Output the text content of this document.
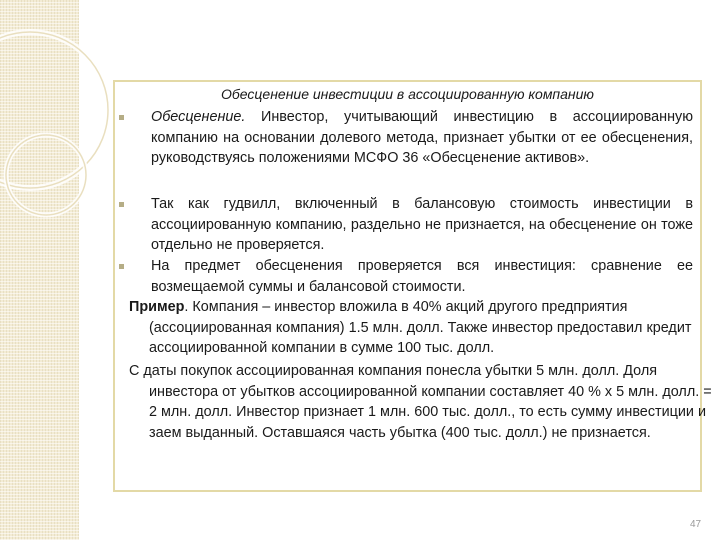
Обесценение инвестиции в ассоциированную компанию
Обесценение. Инвестор, учитывающий инвестицию в ассоциированную компанию на основании долевого метода, признает убытки от ее обесценения, руководствуясь положениями МСФО 36 «Обесценение активов».
Так как гудвилл, включенный в балансовую стоимость инвестиции в ассоциированную компанию, раздельно не признается, на обесценение он тоже отдельно не проверяется.
На предмет обесценения проверяется вся инвестиция: сравнение ее возмещаемой суммы и балансовой стоимости.
Пример. Компания – инвестор вложила в 40% акций другого предприятия (ассоциированная компания) 1.5 млн. долл. Также инвестор предоставил кредит ассоциированной компании в сумме 100 тыс. долл.
С даты покупок ассоциированная компания понесла убытки 5 млн. долл. Доля инвестора от убытков ассоциированной компании составляет 40 % х 5 млн. долл. = 2 млн. долл. Инвестор признает 1 млн. 600 тыс. долл., то есть сумму инвестиции и заем выданный. Оставшаяся часть убытка (400 тыс. долл.) не признается.
47
